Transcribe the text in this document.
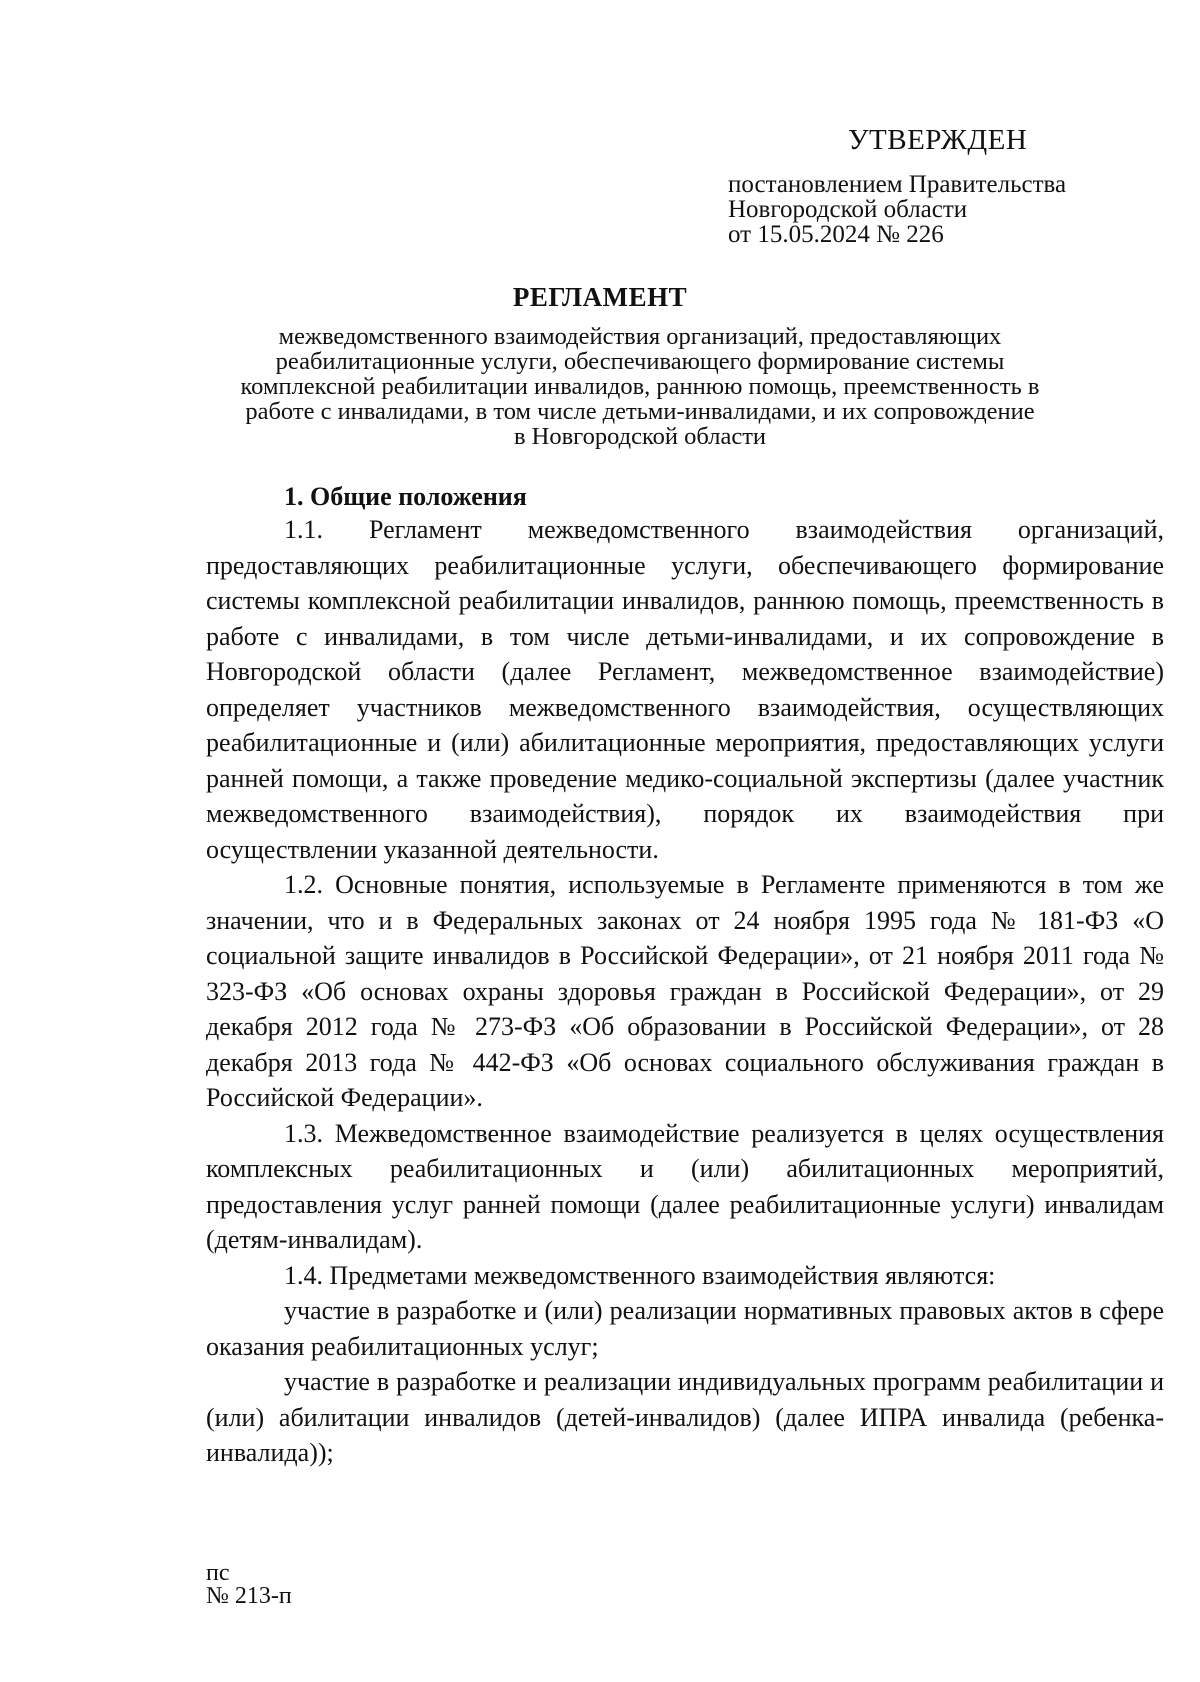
УТВЕРЖДЕН
постановлением Правительства
Новгородской области
от 15.05.2024 № 226
РЕГЛАМЕНТ
межведомственного взаимодействия организаций, предоставляющих
реабилитационные услуги, обеспечивающего формирование системы
комплексной реабилитации инвалидов, раннюю помощь, преемственность в
работе с инвалидами, в том числе детьми-инвалидами, и их сопровождение
в Новгородской области
1. Общие положения

1.1. Регламент межведомственного взаимодействия организаций, предоставляющих реабилитационные услуги, обеспечивающего формирование системы комплексной реабилитации инвалидов, раннюю помощь, преемственность в работе с инвалидами, в том числе детьми-инвалидами, и их сопровождение в Новгородской области (далее Регламент, межведомственное взаимодействие) определяет участников межведомственного взаимодействия, осуществляющих реабилитационные и (или) абилитационные мероприятия, предоставляющих услуги ранней помощи, а также проведение медико-социальной экспертизы (далее участник межведомственного взаимодействия), порядок их взаимодействия при осуществлении указанной деятельности.

1.2. Основные понятия, используемые в Регламенте применяются в том же значении, что и в Федеральных законах от 24 ноября 1995 года № 181-ФЗ «О социальной защите инвалидов в Российской Федерации», от 21 ноября 2011 года № 323-ФЗ «Об основах охраны здоровья граждан в Российской Федерации», от 29 декабря 2012 года № 273-ФЗ «Об образовании в Российской Федерации», от 28 декабря 2013 года № 442-ФЗ «Об основах социального обслуживания граждан в Российской Федерации».

1.3. Межведомственное взаимодействие реализуется в целях осуществления комплексных реабилитационных и (или) абилитационных мероприятий, предоставления услуг ранней помощи (далее реабилитационные услуги) инвалидам (детям-инвалидам).

1.4. Предметами межведомственного взаимодействия являются:

участие в разработке и (или) реализации нормативных правовых актов в сфере оказания реабилитационных услуг;

участие в разработке и реализации индивидуальных программ реабилитации и (или) абилитации инвалидов (детей-инвалидов) (далее ИПРА инвалида (ребенка-инвалида));

пс
№ 213-п
